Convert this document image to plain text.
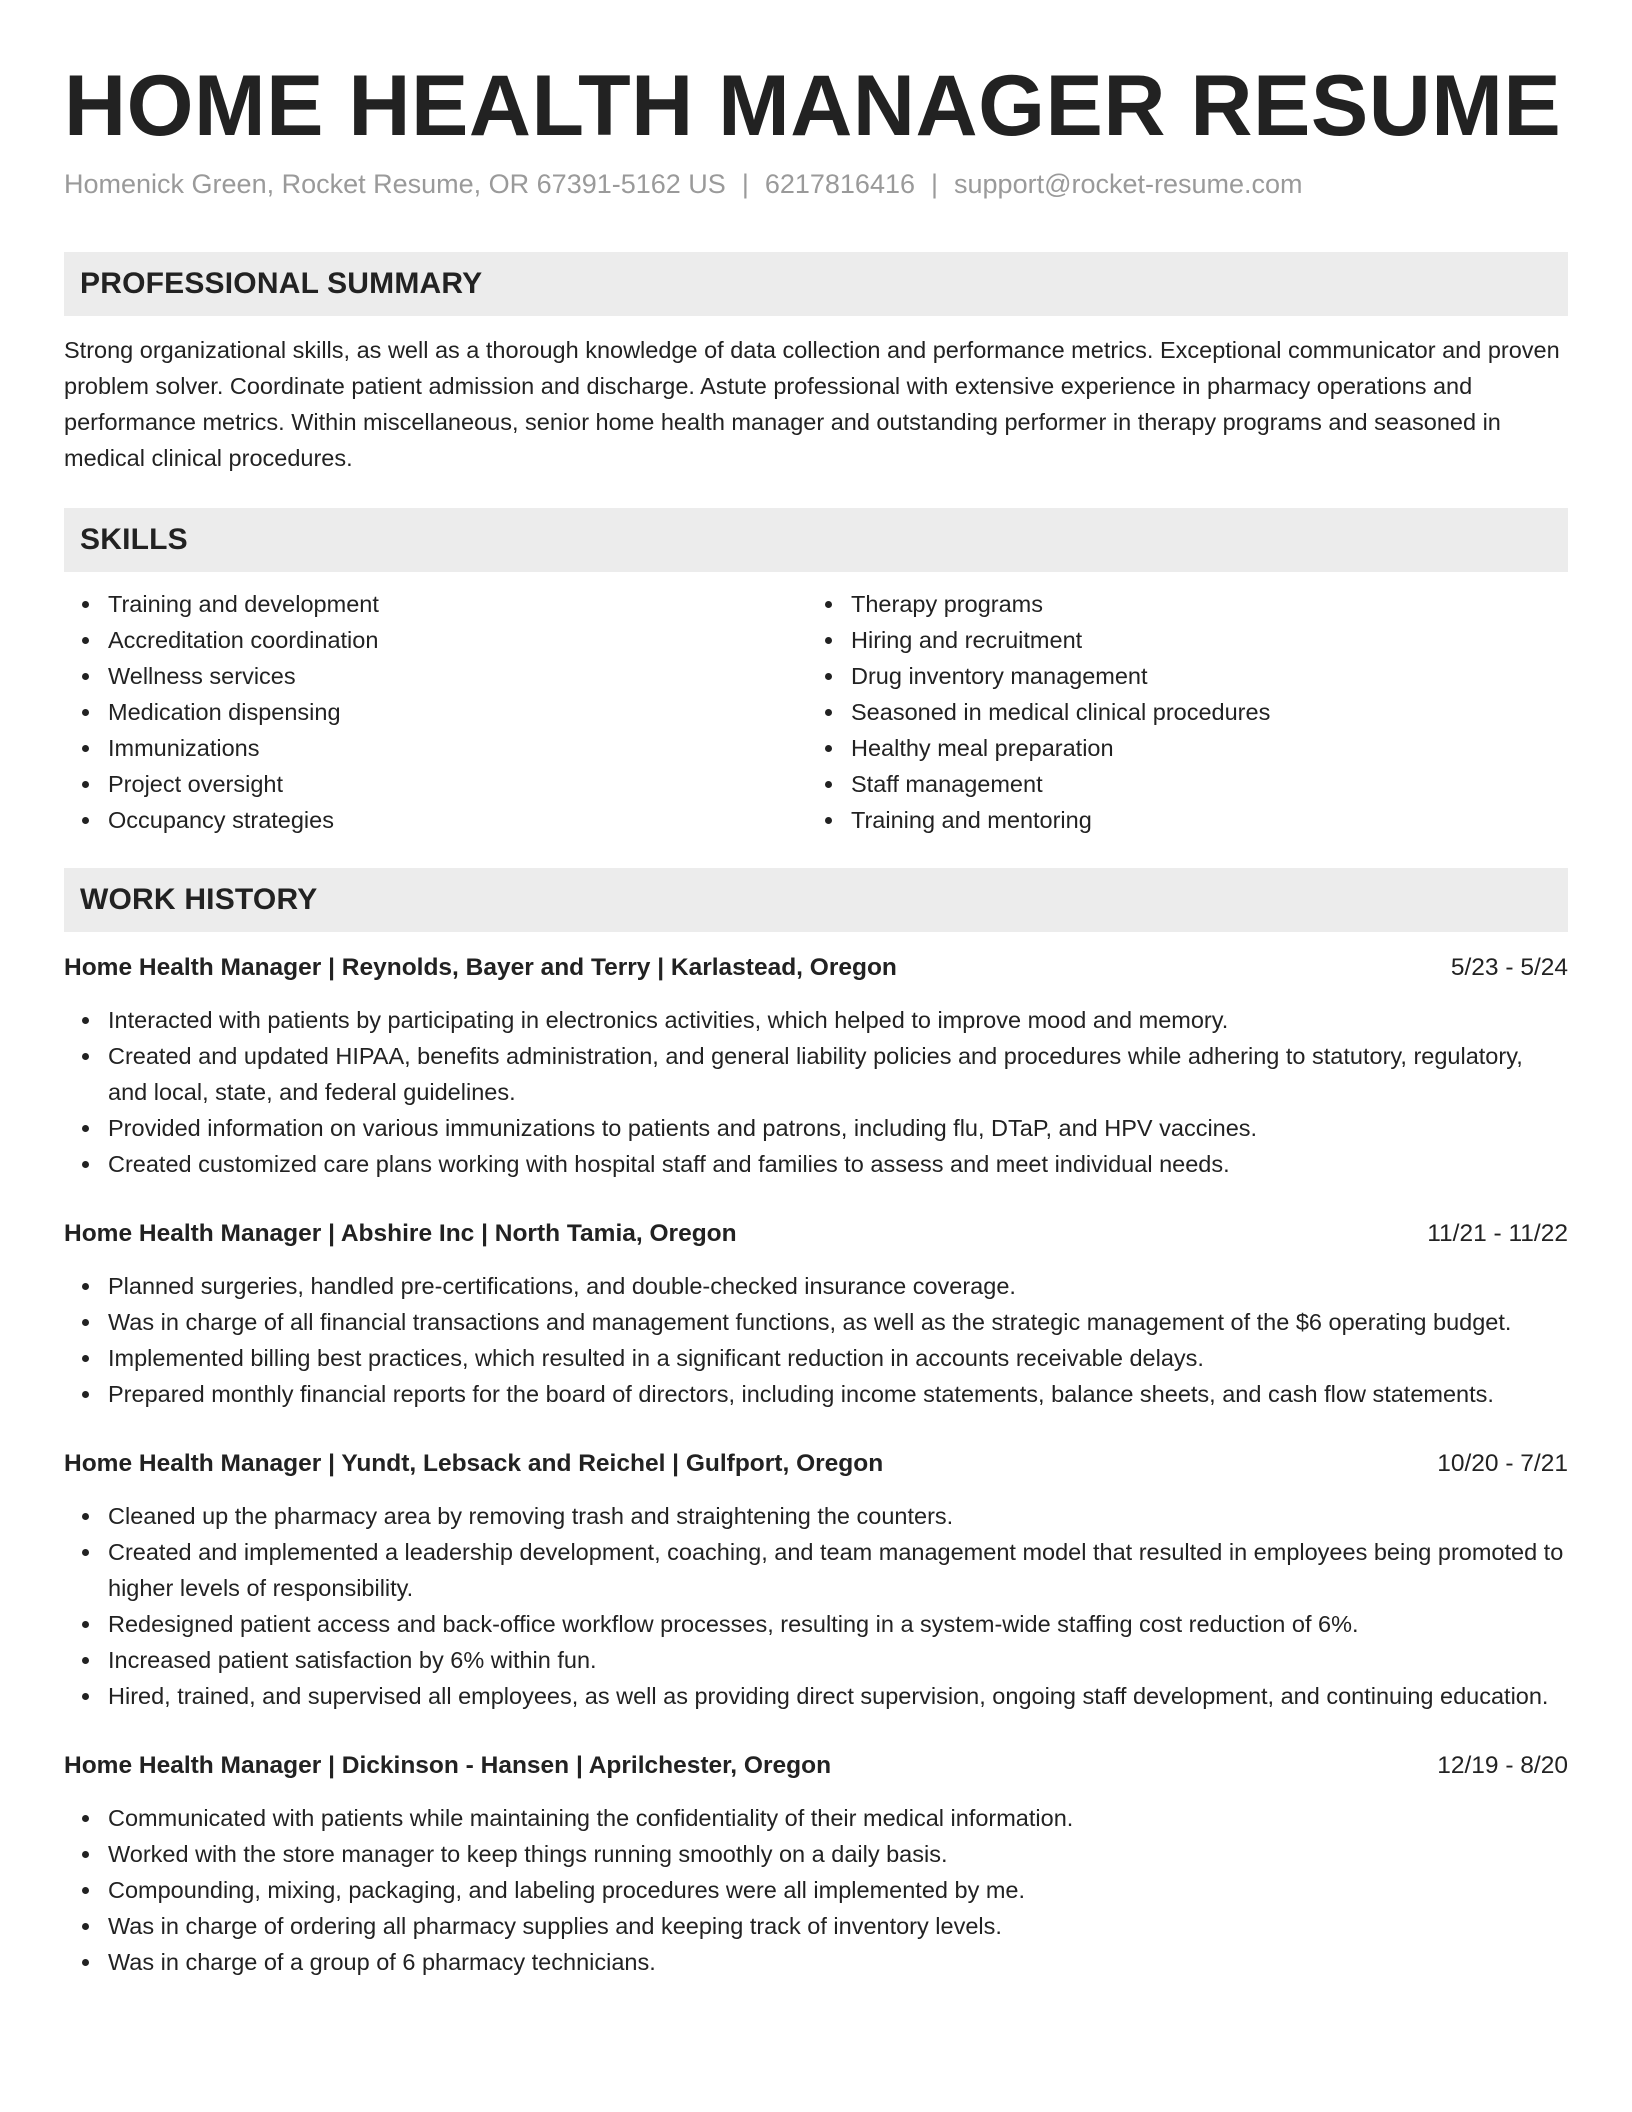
HOME HEALTH MANAGER RESUME
Homenick Green, Rocket Resume, OR 67391-5162 US | 6217816416 | support@rocket-resume.com
PROFESSIONAL SUMMARY

Strong organizational skills, as well as a thorough knowledge of data collection and performance metrics. Exceptional communicator and proven problem solver. Coordinate patient admission and discharge. Astute professional with extensive experience in pharmacy operations and performance metrics. Within miscellaneous, senior home health manager and outstanding performer in therapy programs and seasoned in medical clinical procedures.

SKILLS
Training and development
Accreditation coordination
Wellness services
Medication dispensing
Immunizations
Project oversight
Occupancy strategies
Therapy programs
Hiring and recruitment
Drug inventory management
Seasoned in medical clinical procedures
Healthy meal preparation
Staff management
Training and mentoring
WORK HISTORY
Home Health Manager | Reynolds, Bayer and Terry | Karlastead, Oregon	5/23 - 5/24
Interacted with patients by participating in electronics activities, which helped to improve mood and memory.
Created and updated HIPAA, benefits administration, and general liability policies and procedures while adhering to statutory, regulatory, and local, state, and federal guidelines.
Provided information on various immunizations to patients and patrons, including flu, DTaP, and HPV vaccines.
Created customized care plans working with hospital staff and families to assess and meet individual needs.
Home Health Manager | Abshire Inc | North Tamia, Oregon	11/21 - 11/22
Planned surgeries, handled pre-certifications, and double-checked insurance coverage.
Was in charge of all financial transactions and management functions, as well as the strategic management of the $6 operating budget.
Implemented billing best practices, which resulted in a significant reduction in accounts receivable delays.
Prepared monthly financial reports for the board of directors, including income statements, balance sheets, and cash flow statements.
Home Health Manager | Yundt, Lebsack and Reichel | Gulfport, Oregon	10/20 - 7/21
Cleaned up the pharmacy area by removing trash and straightening the counters.
Created and implemented a leadership development, coaching, and team management model that resulted in employees being promoted to higher levels of responsibility.
Redesigned patient access and back-office workflow processes, resulting in a system-wide staffing cost reduction of 6%.
Increased patient satisfaction by 6% within fun.
Hired, trained, and supervised all employees, as well as providing direct supervision, ongoing staff development, and continuing education.
Home Health Manager | Dickinson - Hansen | Aprilchester, Oregon	12/19 - 8/20
Communicated with patients while maintaining the confidentiality of their medical information.
Worked with the store manager to keep things running smoothly on a daily basis.
Compounding, mixing, packaging, and labeling procedures were all implemented by me.
Was in charge of ordering all pharmacy supplies and keeping track of inventory levels.
Was in charge of a group of 6 pharmacy technicians.
